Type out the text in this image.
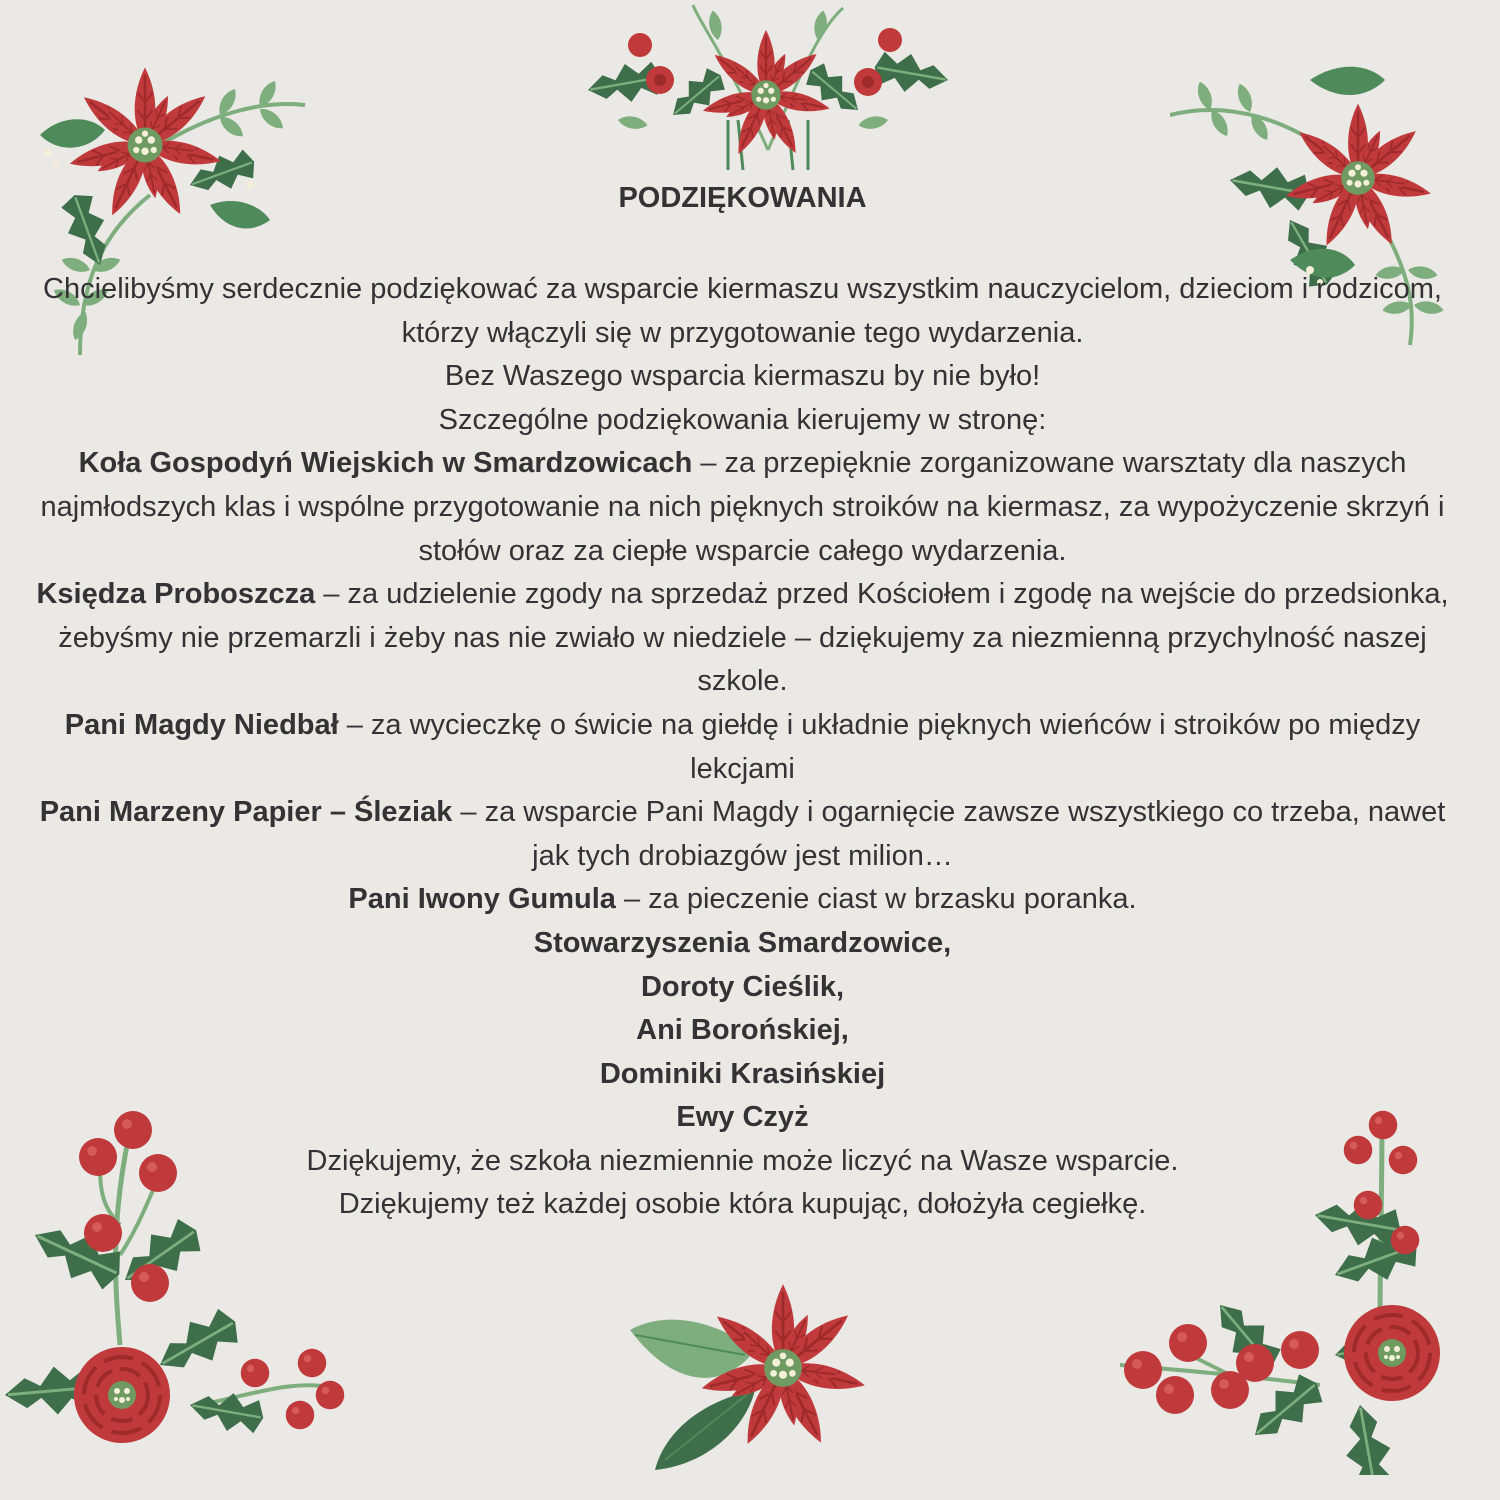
PODZIĘKOWANIA

Chcielibyśmy serdecznie podziękować za wsparcie kiermaszu wszystkim nauczycielom, dzieciom i rodzicom, którzy włączyli się w przygotowanie tego wydarzenia.

Bez Waszego wsparcia kiermaszu by nie było!

Szczególne podziękowania kierujemy w stronę:

Koła Gospodyń Wiejskich w Smardzowicach – za przepięknie zorganizowane warsztaty dla naszych najmłodszych klas i wspólne przygotowanie na nich pięknych stroików na kiermasz, za wypożyczenie skrzyń i stołów oraz za ciepłe wsparcie całego wydarzenia.

Księdza Proboszcza – za udzielenie zgody na sprzedaż przed Kościołem i zgodę na wejście do przedsionka, żebyśmy nie przemarzli i żeby nas nie zwiało w niedziele – dziękujemy za niezmienną przychylność naszej szkole.

Pani Magdy Niedbał – za wycieczkę o świcie na giełdę i układnie pięknych wieńców i stroików po między lekcjami

Pani Marzeny Papier – Śleziak – za wsparcie Pani Magdy i ogarnięcie zawsze wszystkiego co trzeba, nawet jak tych drobiazgów jest milion…

Pani Iwony Gumula – za pieczenie ciast w brzasku poranka.

Stowarzyszenia Smardzowice,

Doroty Cieślik,

Ani Borońskiej,

Dominiki Krasińskiej

Ewy Czyż

Dziękujemy, że szkoła niezmiennie może liczyć na Wasze wsparcie.

Dziękujemy też każdej osobie która kupując, dołożyła cegiełkę.
